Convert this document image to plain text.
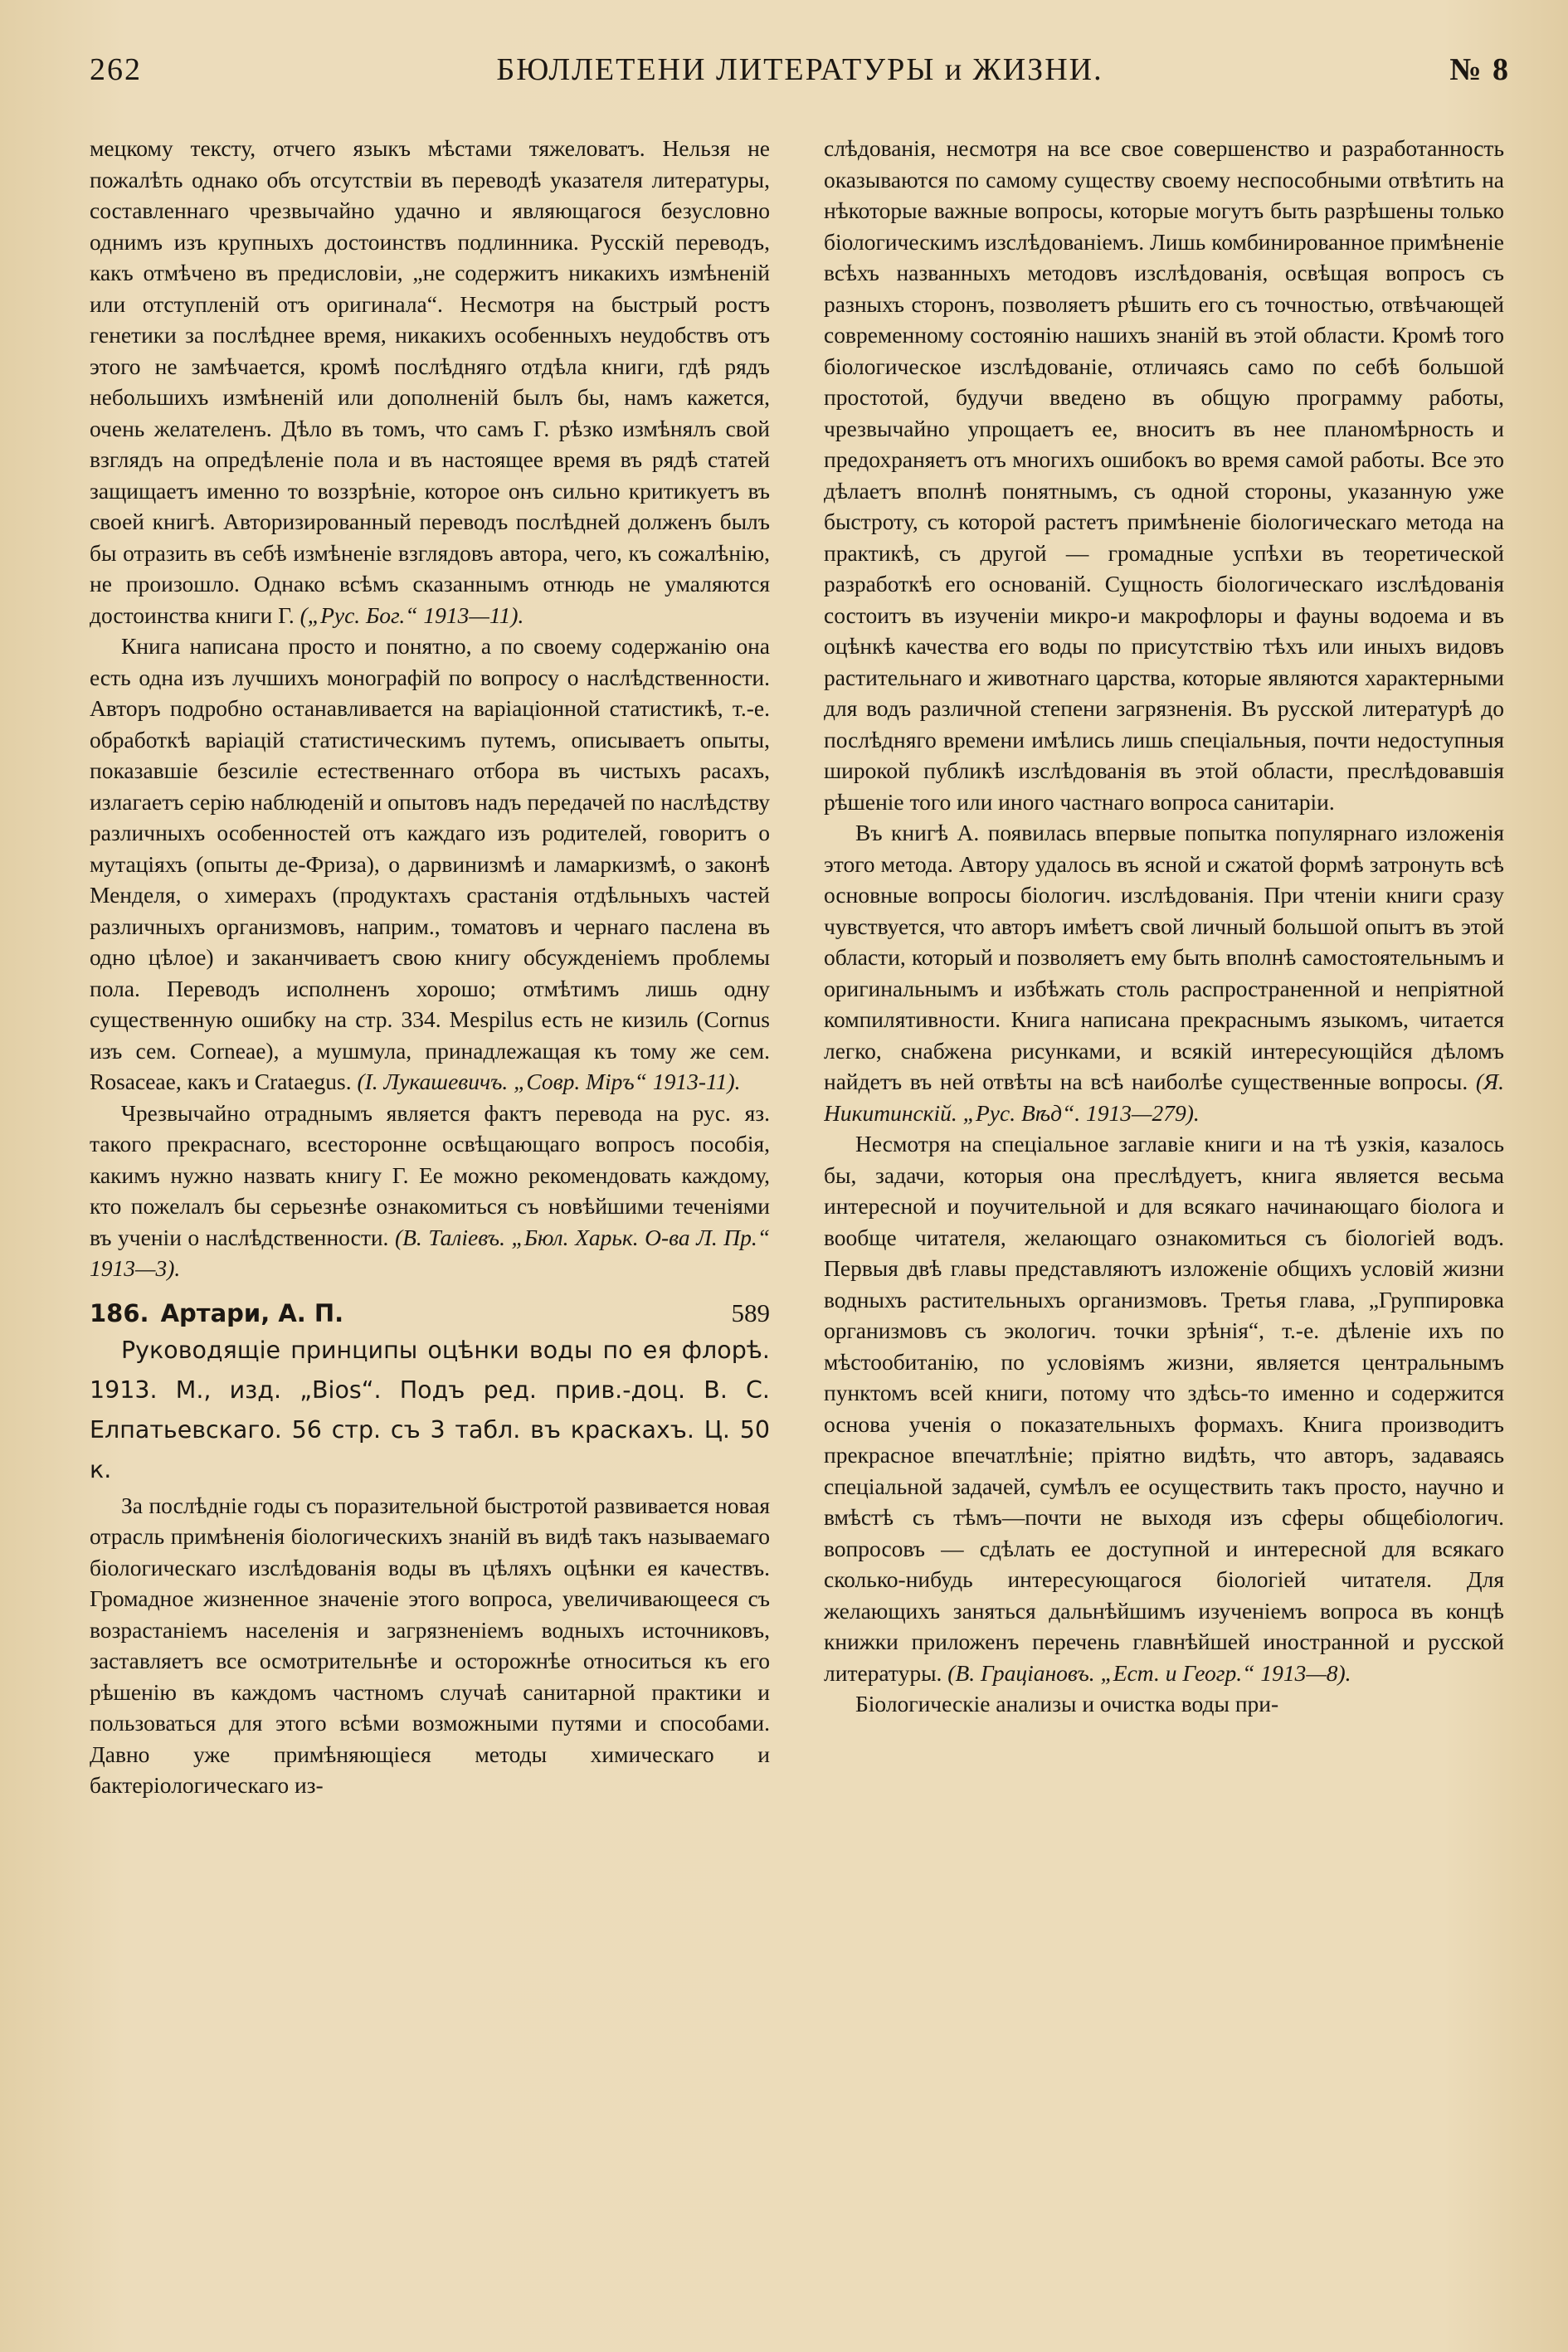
262	БЮЛЛЕТЕНИ ЛИТЕРАТУРЫ и ЖИЗНИ.	№ 8

мецкому тексту, отчего языкъ мѣстами тяжеловатъ. Нельзя не пожалѣть однако объ отсутствіи въ переводѣ указателя литературы, составленнаго чрезвычайно удачно и являющагося безусловно однимъ изъ крупныхъ достоинствъ подлинника. Русскій переводъ, какъ отмѣчено въ предисловіи, „не содержитъ никакихъ измѣненій или отступленій отъ оригинала“. Несмотря на быстрый ростъ генетики за послѣднее время, никакихъ особенныхъ неудобствъ отъ этого не замѣчается, кромѣ послѣдняго отдѣла книги, гдѣ рядъ небольшихъ измѣненій или дополненій былъ бы, намъ кажется, очень желателенъ. Дѣло въ томъ, что самъ Г. рѣзко измѣнялъ свой взглядъ на опредѣленіе пола и въ настоящее время въ рядѣ статей защищаетъ именно то воззрѣніе, которое онъ сильно критикуетъ въ своей книгѣ. Авторизированный переводъ послѣдней долженъ былъ бы отразить въ себѣ измѣненіе взглядовъ автора, чего, къ сожалѣнію, не произошло. Однако всѣмъ сказаннымъ отнюдь не умаляются достоинства книги Г. („Рус. Бог.“ 1913—11).

Книга написана просто и понятно, а по своему содержанію она есть одна изъ лучшихъ монографій по вопросу о наслѣдственности. Авторъ подробно останавливается на варіаціонной статистикѣ, т.-е. обработкѣ варіацій статистическимъ путемъ, описываетъ опыты, показавшіе безсиліе естественнаго отбора въ чистыхъ расахъ, излагаетъ серію наблюденій и опытовъ надъ передачей по наслѣдству различныхъ особенностей отъ каждаго изъ родителей, говоритъ о мутаціяхъ (опыты де-Фриза), о дарвинизмѣ и ламаркизмѣ, о законѣ Менделя, о химерахъ (продуктахъ срастанія отдѣльныхъ частей различныхъ организмовъ, наприм., томатовъ и чернаго паслена въ одно цѣлое) и заканчиваетъ свою книгу обсужденіемъ проблемы пола. Переводъ исполненъ хорошо; отмѣтимъ лишь одну существенную ошибку на стр. 334. Mespilus есть не кизиль (Cornus изъ сем. Corneae), а мушмула, принадлежащая къ тому же сем. Rosaceae, какъ и Crataegus. (І. Лукашевичъ. „Совр. Міръ“ 1913-11).

Чрезвычайно отраднымъ является фактъ перевода на рус. яз. такого прекраснаго, всесторонне освѣщающаго вопросъ пособія, какимъ нужно назвать книгу Г. Ее можно рекомендовать каждому, кто пожелалъ бы серьезнѣе ознакомиться съ новѣйшими теченіями въ ученіи о наслѣдственности. (В. Таліевъ. „Бюл. Харьк. О-ва Л. Пр.“ 1913—3).

186. Артари, А. П.	589

Руководящіе принципы оцѣнки воды по ея флорѣ. 1913. М., изд. „Bios“. Подъ ред. прив.-доц. В. С. Елпатьевскаго. 56 стр. съ 3 табл. въ краскахъ. Ц. 50 к.

За послѣдніе годы съ поразительной быстротой развивается новая отрасль примѣненія біологическихъ знаній въ видѣ такъ называемаго біологическаго изслѣдованія воды въ цѣляхъ оцѣнки ея качествъ. Громадное жизненное значеніе этого вопроса, увеличивающееся съ возрастаніемъ населенія и загрязненіемъ водныхъ источниковъ, заставляетъ все осмотрительнѣе и осторожнѣе относиться къ его рѣшенію въ каждомъ частномъ случаѣ санитарной практики и пользоваться для этого всѣми возможными путями и способами. Давно уже примѣняющіеся методы химическаго и бактеріологическаго из-

слѣдованія, несмотря на все свое совершенство и разработанность оказываются по самому существу своему неспособными отвѣтить на нѣкоторые важные вопросы, которые могутъ быть разрѣшены только біологическимъ изслѣдованіемъ. Лишь комбинированное примѣненіе всѣхъ названныхъ методовъ изслѣдованія, освѣщая вопросъ съ разныхъ сторонъ, позволяетъ рѣшить его съ точностью, отвѣчающей современному состоянію нашихъ знаній въ этой области. Кромѣ того біологическое изслѣдованіе, отличаясь само по себѣ большой простотой, будучи введено въ общую программу работы, чрезвычайно упрощаетъ ее, вноситъ въ нее планомѣрность и предохраняетъ отъ многихъ ошибокъ во время самой работы. Все это дѣлаетъ вполнѣ понятнымъ, съ одной стороны, указанную уже быстроту, съ которой растетъ примѣненіе біологическаго метода на практикѣ, съ другой — громадные успѣхи въ теоретической разработкѣ его основаній. Сущность біологическаго изслѣдованія состоитъ въ изученіи микро-и макрофлоры и фауны водоема и въ оцѣнкѣ качества его воды по присутствію тѣхъ или иныхъ видовъ растительнаго и животнаго царства, которые являются характерными для водъ различной степени загрязненія. Въ русской литературѣ до послѣдняго времени имѣлись лишь спеціальныя, почти недоступныя широкой публикѣ изслѣдованія въ этой области, преслѣдовавшія рѣшеніе того или иного частнаго вопроса санитаріи.

Въ книгѣ А. появилась впервые попытка популярнаго изложенія этого метода. Автору удалось въ ясной и сжатой формѣ затронуть всѣ основные вопросы біологич. изслѣдованія. При чтеніи книги сразу чувствуется, что авторъ имѣетъ свой личный большой опытъ въ этой области, который и позволяетъ ему быть вполнѣ самостоятельнымъ и оригинальнымъ и избѣжать столь распространенной и непріятной компилятивности. Книга написана прекраснымъ языкомъ, читается легко, снабжена рисунками, и всякій интересующійся дѣломъ найдетъ въ ней отвѣты на всѣ наиболѣе существенные вопросы. (Я. Никитинскій. „Рус. Вѣд“. 1913—279).

Несмотря на спеціальное заглавіе книги и на тѣ узкія, казалось бы, задачи, которыя она преслѣдуетъ, книга является весьма интересной и поучительной и для всякаго начинающаго біолога и вообще читателя, желающаго ознакомиться съ біологіей водъ. Первыя двѣ главы представляютъ изложеніе общихъ условій жизни водныхъ растительныхъ организмовъ. Третья глава, „Группировка организмовъ съ экологич. точки зрѣнія“, т.-е. дѣленіе ихъ по мѣстообитанію, по условіямъ жизни, является центральнымъ пунктомъ всей книги, потому что здѣсь-то именно и содержится основа ученія о показательныхъ формахъ. Книга производитъ прекрасное впечатлѣніе; пріятно видѣть, что авторъ, задаваясь спеціальной задачей, сумѣлъ ее осуществить такъ просто, научно и вмѣстѣ съ тѣмъ—почти не выходя изъ сферы общебіологич. вопросовъ — сдѣлать ее доступной и интересной для всякаго сколько-нибудь интересующагося біологіей читателя. Для желающихъ заняться дальнѣйшимъ изученіемъ вопроса въ концѣ книжки приложенъ перечень главнѣйшей иностранной и русской литературы. (В. Граціановъ. „Ест. и Геогр.“ 1913—8).

Біологическіе анализы и очистка воды при-
